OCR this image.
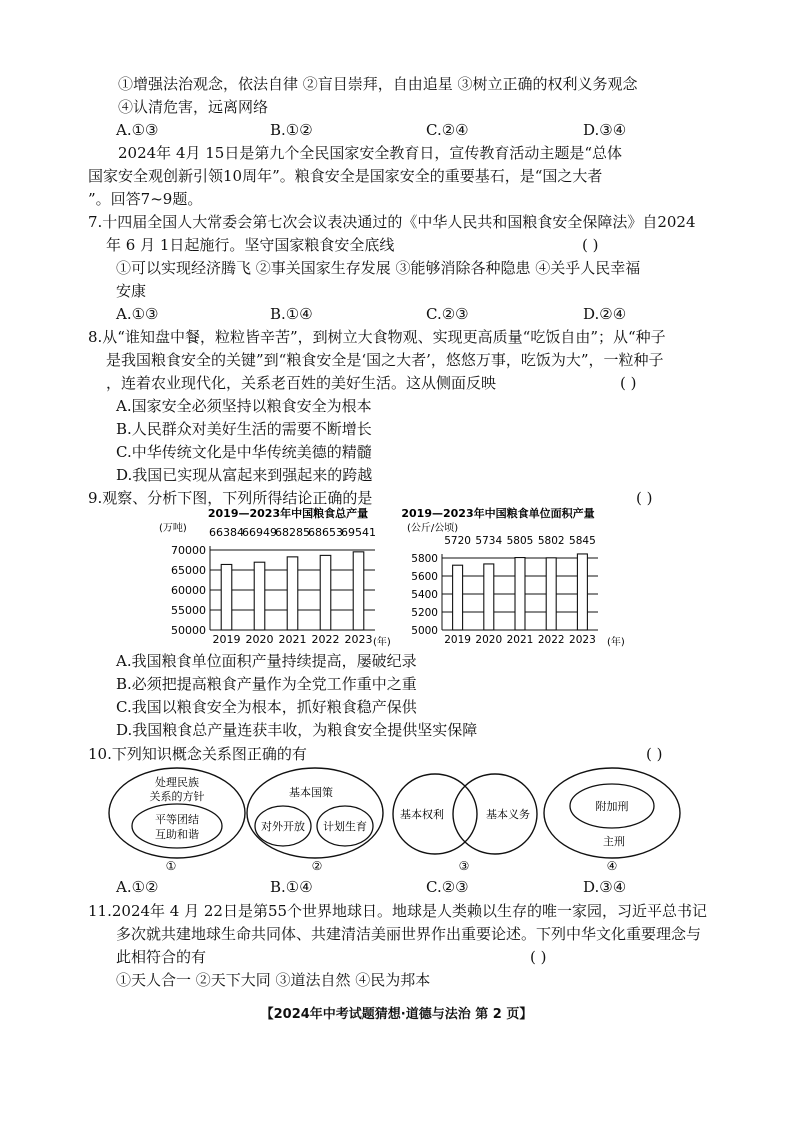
①增强法治观念，依法自律 ②盲目崇拜，自由追星 ③树立正确的权利义务观念
④认清危害，远离网络
A.①③	B.①②	C.②④	D.③④
2024年 4月 15日是第九个全民国家安全教育日，宣传教育活动主题是“总体
国家安全观创新引领10周年”。粮食安全是国家安全的重要基石，是“国之大者
”。回答7~9题。
7.十四届全国人大常委会第七次会议表决通过的《中华人民共和国粮食安全保障法》自2024
年 6 月 1日起施行。坚守国家粮食安全底线	( )
①可以实现经济腾飞 ②事关国家生存发展 ③能够消除各种隐患 ④关乎人民幸福
安康
A.①③	B.①④	C.②③	D.②④
8.从“谁知盘中餐，粒粒皆辛苦”，到树立大食物观、实现更高质量“吃饭自由”；从“种子
是我国粮食安全的关键”到“粮食安全是‘国之大者’，悠悠万事，吃饭为大”，一粒种子
，连着农业现代化，关系老百姓的美好生活。这从侧面反映	( )
A.国家安全必须坚持以粮食安全为根本
B.人民群众对美好生活的需要不断增长
C.中华传统文化是中华传统美德的精髓
D.我国已实现从富起来到强起来的跨越
9.观察、分析下图，下列所得结论正确的是	( )
2019—2023年中国粮食总产量
(万吨)
(年)
70000
65000
60000
55000
50000
66384
2019
66949
2020
68285
2021
68653
2022
69541
2023
2019—2023年中国粮食单位面积产量
(公斤/公顷)
(年)
5800
5600
5400
5200
5000
5720
2019
5734
2020
5805
2021
5802
2022
5845
2023
A.我国粮食单位面积产量持续提高，屡破纪录
B.必须把提高粮食产量作为全党工作重中之重
C.我国以粮食安全为根本，抓好粮食稳产保供
D.我国粮食总产量连获丰收，为粮食安全提供坚实保障
10.下列知识概念关系图正确的有	( )
处理民族
关系的方针
平等团结
互助和谐
①
基本国策
对外开放 计划生育
②
基本权利	基本义务
③
附加刑
主刑
④
A.①②	B.①④	C.②③	D.③④
11.2024年 4 月 22日是第55个世界地球日。地球是人类赖以生存的唯一家园，习近平总书记
多次就共建地球生命共同体、共建清洁美丽世界作出重要论述。下列中华文化重要理念与
此相符合的有	( )
①天人合一 ②天下大同 ③道法自然 ④民为邦本
【2024年中考试题猜想·道德与法治 第 2 页】
